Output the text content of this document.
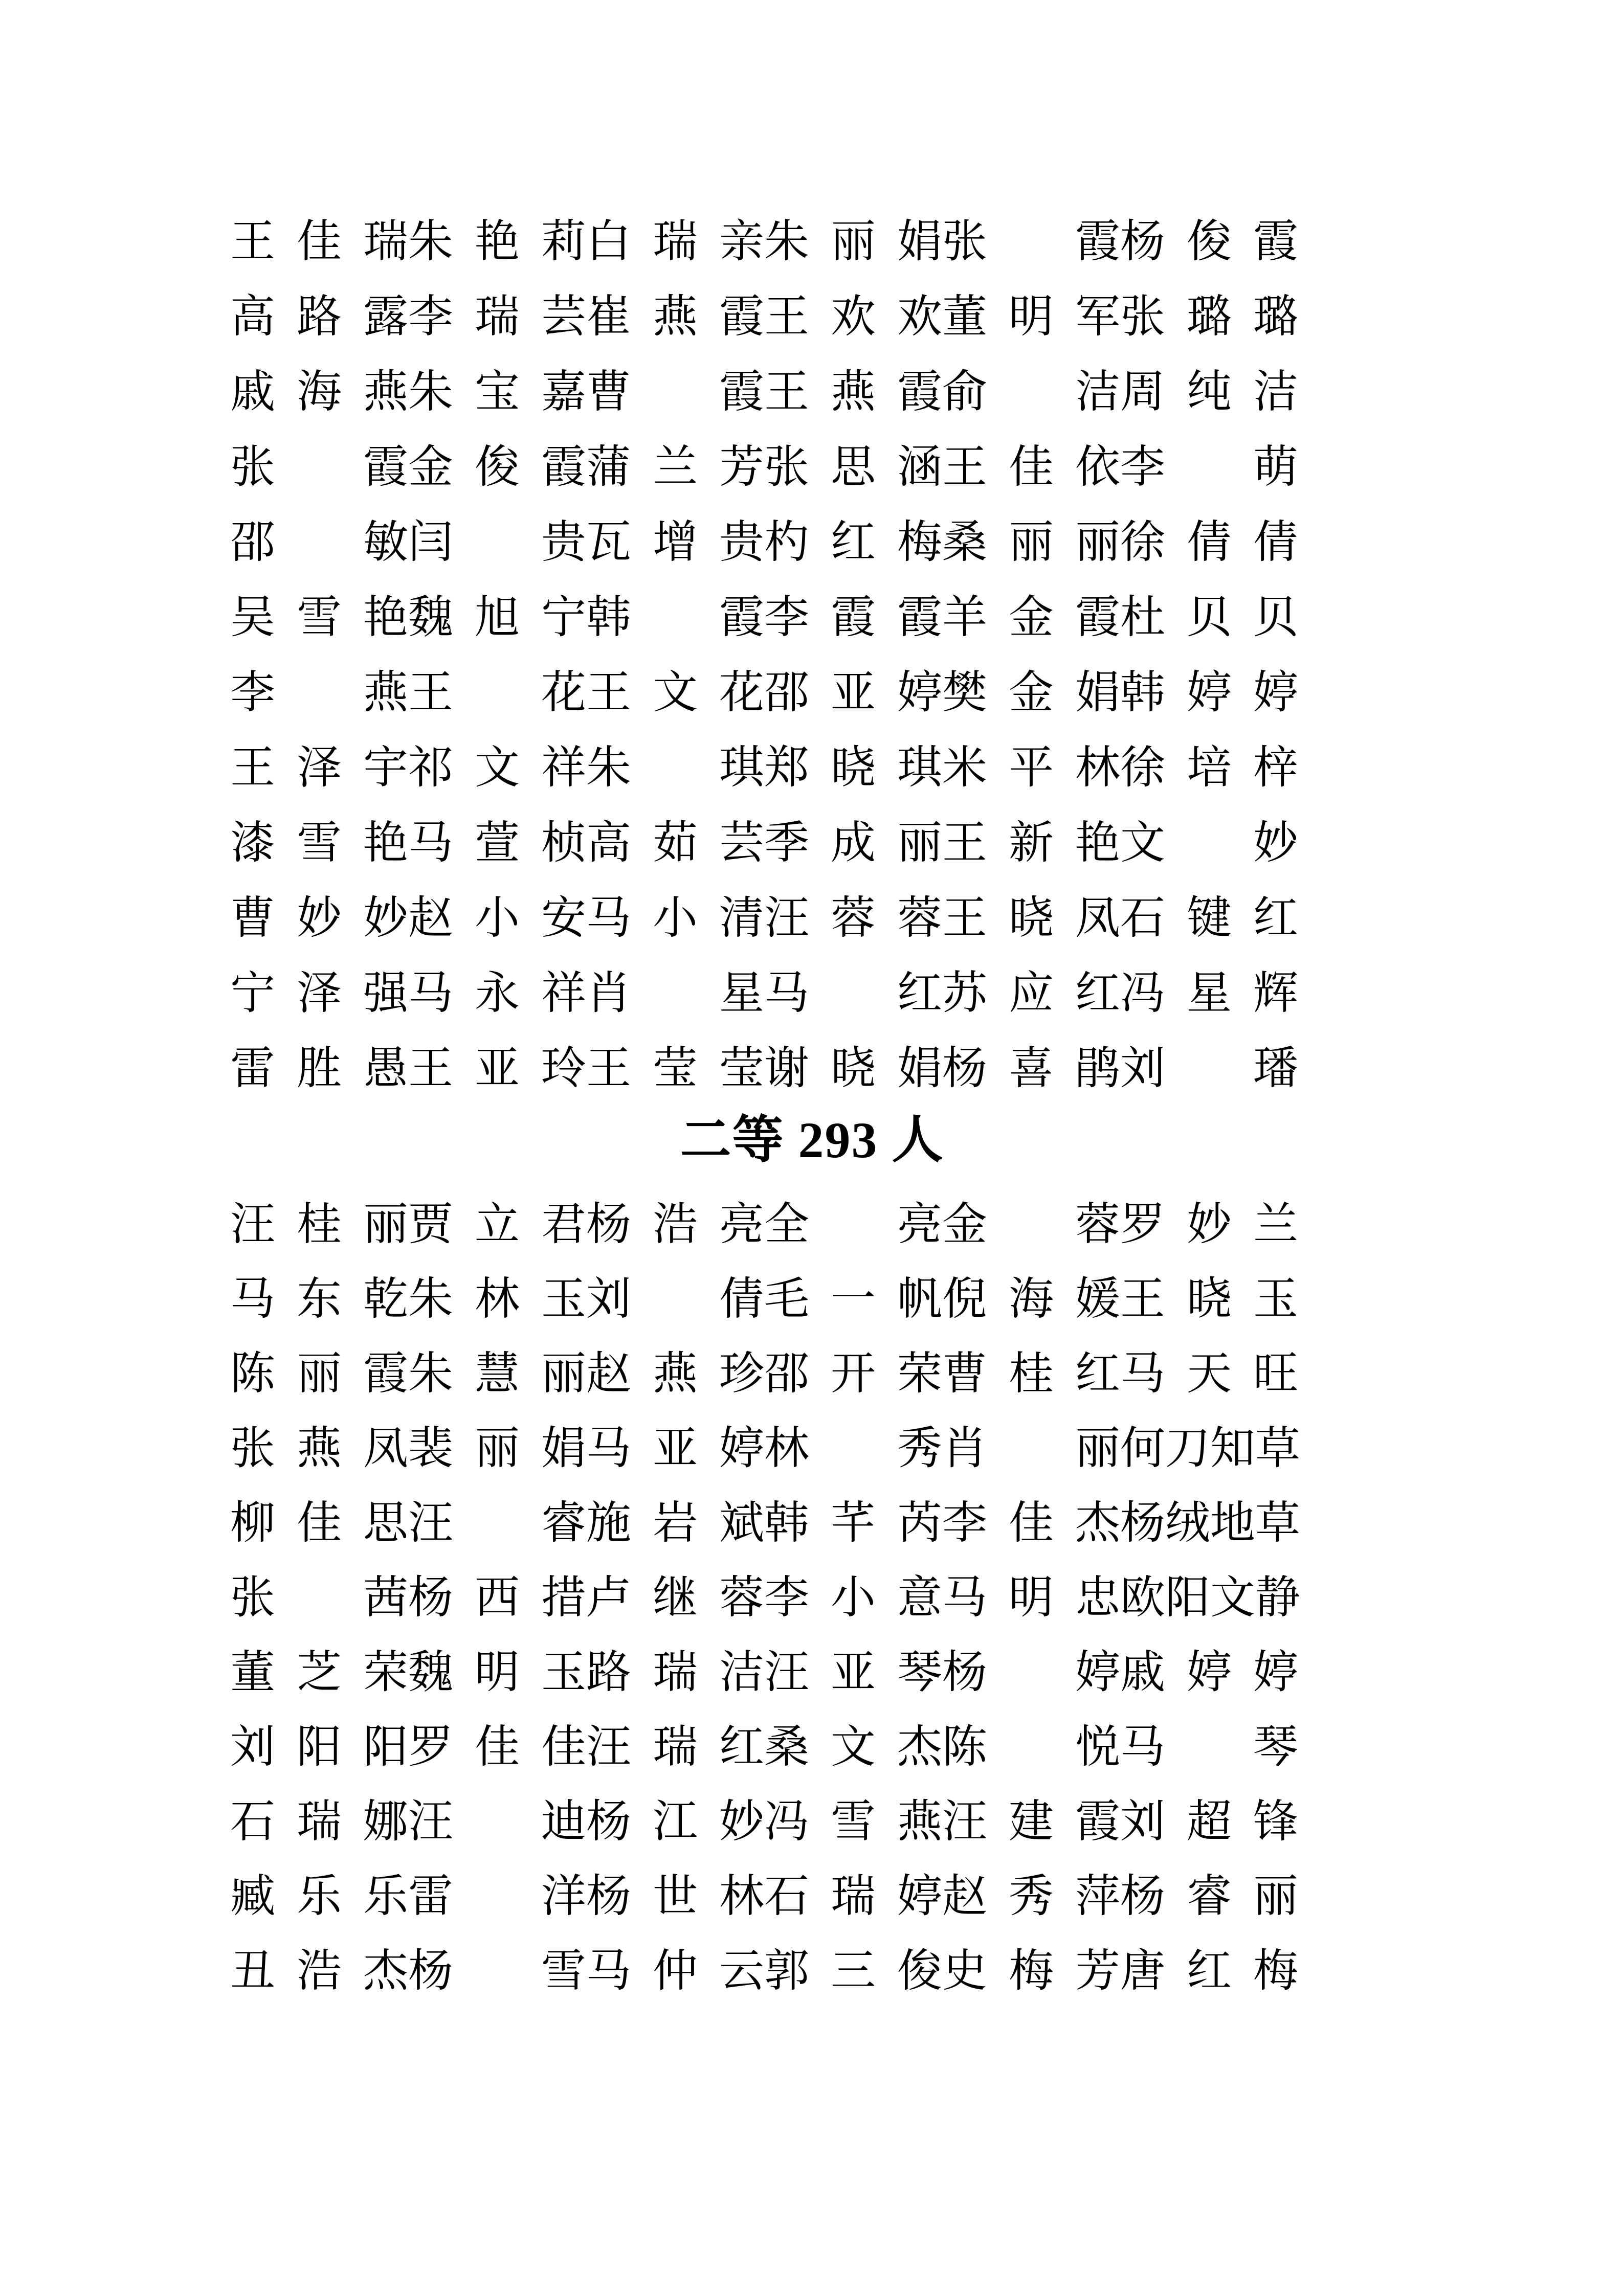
王 佳 瑞 朱 艳 莉 白 瑞 亲 朱 丽 娟 张 霞 杨 俊 霞
高 路 露 李 瑞 芸 崔 燕 霞 王 欢 欢 董 明 军 张 璐 璐
戚 海 燕 朱 宝 嘉 曹 霞 王 燕 霞 俞 洁 周 纯 洁
张 霞 金 俊 霞 蒲 兰 芳 张 思 涵 王 佳 依 李 萌
邵 敏 闫 贵 瓦 增 贵 杓 红 梅 桑 丽 丽 徐 倩 倩
吴 雪 艳 魏 旭 宁 韩 霞 李 霞 霞 羊 金 霞 杜 贝 贝
李 燕 王 花 王 文 花 邵 亚 婷 樊 金 娟 韩 婷 婷
王 泽 宇 祁 文 祥 朱 琪 郑 晓 琪 米 平 林 徐 培 梓
漆 雪 艳 马 萱 桢 高 茹 芸 季 成 丽 王 新 艳 文 妙
曹 妙 妙 赵 小 安 马 小 清 汪 蓉 蓉 王 晓 凤 石 键 红
宁 泽 强 马 永 祥 肖 星 马 红 苏 应 红 冯 星 辉
雷 胜 愚 王 亚 玲 王 莹 莹 谢 晓 娟 杨 喜 鹃 刘 璠
二等 293 人
汪 桂 丽 贾 立 君 杨 浩 亮 全 亮 金 蓉 罗 妙 兰
马 东 乾 朱 林 玉 刘 倩 毛 一 帆 倪 海 媛 王 晓 玉
陈 丽 霞 朱 慧 丽 赵 燕 珍 邵 开 荣 曹 桂 红 马 天 旺
张 燕 凤 裴 丽 娟 马 亚 婷 林 秀 肖 丽 何 刀 知 草
柳 佳 思 汪 睿 施 岩 斌 韩 芊 芮 李 佳 杰 杨 绒 地 草
张 茜 杨 西 措 卢 继 蓉 李 小 意 马 明 忠 欧 阳 文 静
董 芝 荣 魏 明 玉 路 瑞 洁 汪 亚 琴 杨 婷 戚 婷 婷
刘 阳 阳 罗 佳 佳 汪 瑞 红 桑 文 杰 陈 悦 马 琴
石 瑞 娜 汪 迪 杨 江 妙 冯 雪 燕 汪 建 霞 刘 超 锋
臧 乐 乐 雷 洋 杨 世 林 石 瑞 婷 赵 秀 萍 杨 睿 丽
丑 浩 杰 杨 雪 马 仲 云 郭 三 俊 史 梅 芳 唐 红 梅
